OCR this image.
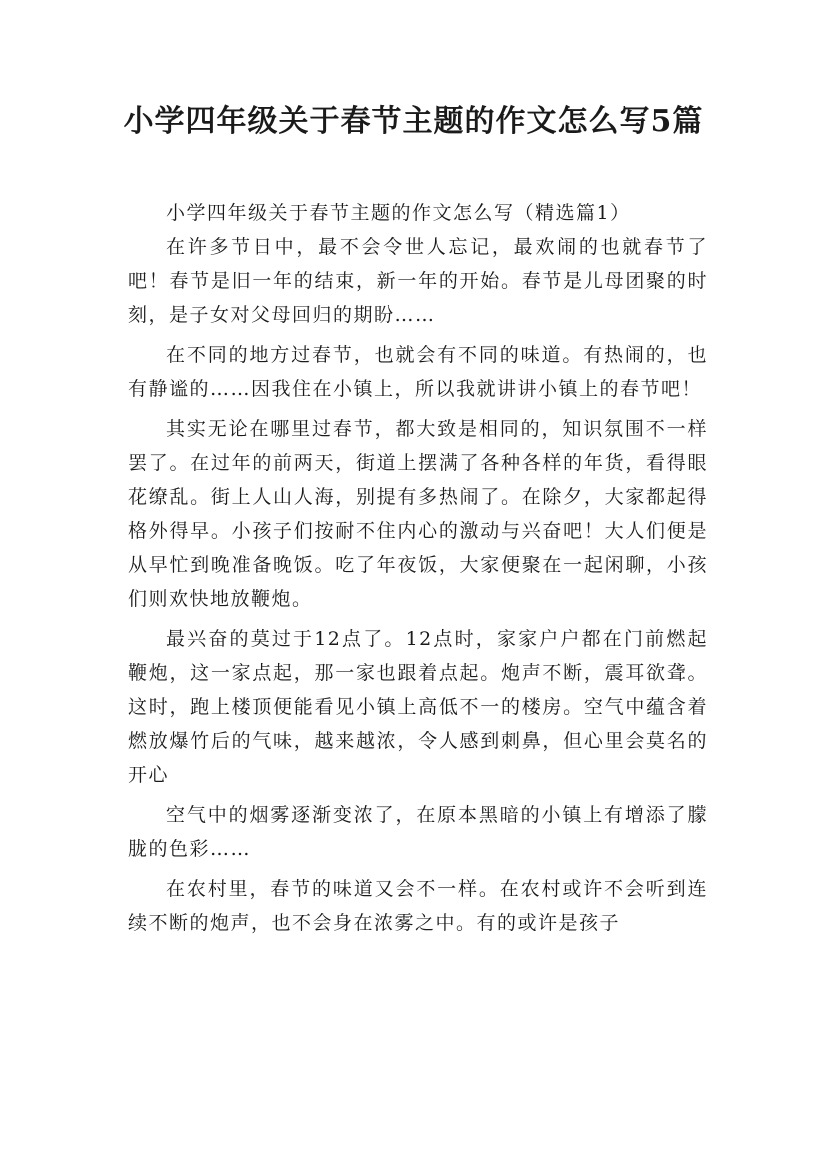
小学四年级关于春节主题的作文怎么写5篇

小学四年级关于春节主题的作文怎么写（精选篇1）

在许多节日中，最不会令世人忘记，最欢闹的也就春节了吧！春节是旧一年的结束，新一年的开始。春节是儿母团聚的时刻，是子女对父母回归的期盼……

在不同的地方过春节，也就会有不同的味道。有热闹的，也有静谧的……因我住在小镇上，所以我就讲讲小镇上的春节吧！

其实无论在哪里过春节，都大致是相同的，知识氛围不一样罢了。在过年的前两天，街道上摆满了各种各样的年货，看得眼花缭乱。街上人山人海，别提有多热闹了。在除夕，大家都起得格外得早。小孩子们按耐不住内心的激动与兴奋吧！大人们便是从早忙到晚准备晚饭。吃了年夜饭，大家便聚在一起闲聊，小孩们则欢快地放鞭炮。

最兴奋的莫过于12点了。12点时，家家户户都在门前燃起鞭炮，这一家点起，那一家也跟着点起。炮声不断，震耳欲聋。这时，跑上楼顶便能看见小镇上高低不一的楼房。空气中蕴含着燃放爆竹后的气味，越来越浓，令人感到刺鼻，但心里会莫名的开心

空气中的烟雾逐渐变浓了，在原本黑暗的小镇上有增添了朦胧的色彩……

在农村里，春节的味道又会不一样。在农村或许不会听到连续不断的炮声，也不会身在浓雾之中。有的或许是孩子
